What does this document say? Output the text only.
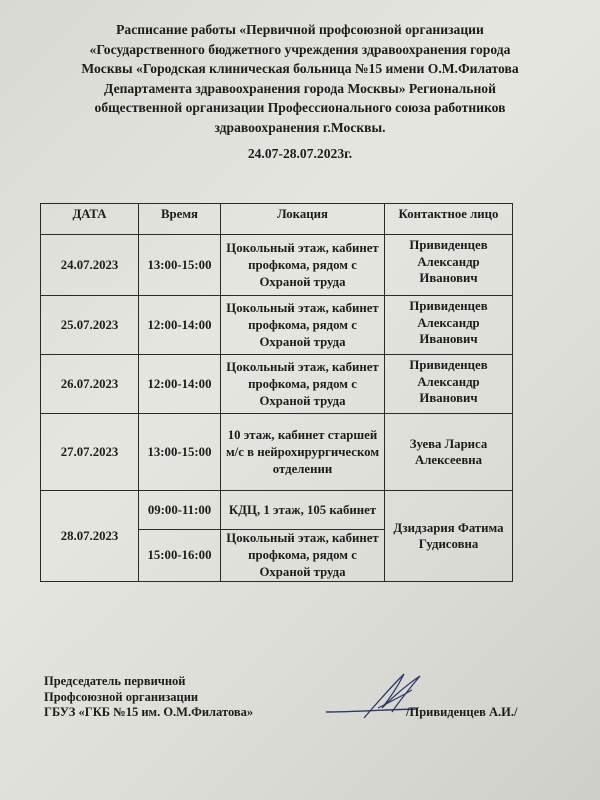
Расписание работы «Первичной профсоюзной организации

«Государственного бюджетного учреждения здравоохранения города

Москвы «Городская клиническая больница №15 имени О.М.Филатова

Департамента здравоохранения города Москвы» Региональной

общественной организации Профессионального союза работников

здравоохранения г.Москвы.

24.07-28.07.2023г.
ДАТА	Время	Локация	Контактное лицо
24.07.2023	13:00-15:00	Цокольный этаж, кабинет профкома, рядом с Охраной труда	Привиденцев Александр Иванович
25.07.2023	12:00-14:00	Цокольный этаж, кабинет профкома, рядом с Охраной труда	Привиденцев Александр Иванович
26.07.2023	12:00-14:00	Цокольный этаж, кабинет профкома, рядом с Охраной труда	Привиденцев Александр Иванович
27.07.2023	13:00-15:00	10 этаж, кабинет старшей м/с в нейрохирургическом отделении	Зуева Лариса Алексеевна
28.07.2023	09:00-11:00	КДЦ, 1 этаж, 105 кабинет	Дзидзария Фатима Гудисовна
	15:00-16:00	Цокольный этаж, кабинет профкома, рядом с Охраной труда	

Председатель первичной

Профсоюзной организации

ГБУЗ «ГКБ №15 им. О.М.Филатова»	/Привиденцев А.И./
